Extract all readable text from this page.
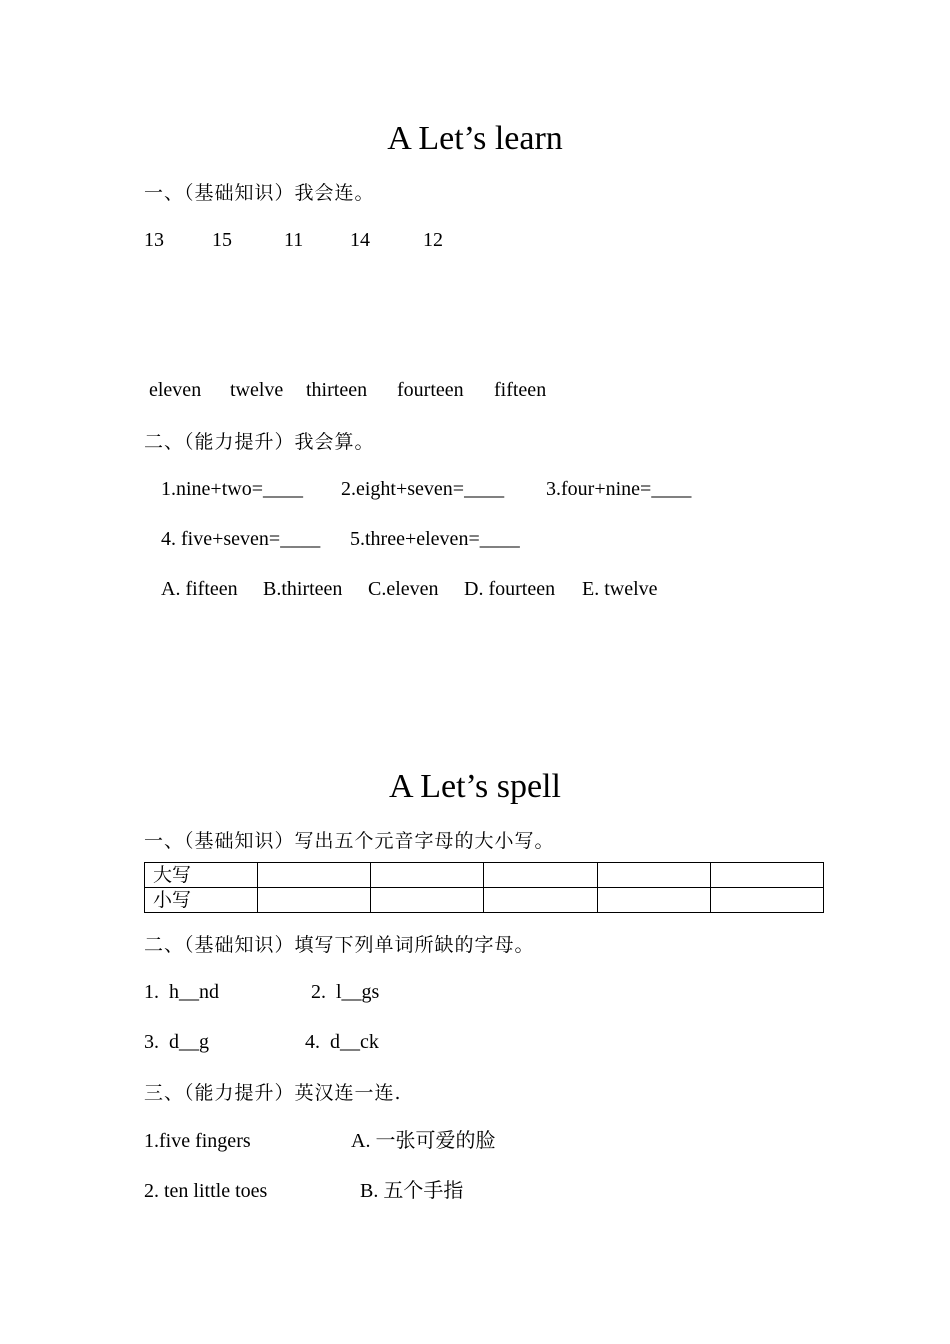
A Let’s learn
一、（基础知识）我会连。
13 15	11 14	12
eleven twelve thirteen fourteen fifteen
二、（能力提升）我会算。
1.nine+two=____ 2.eight+seven=____ 3.four+nine=____
4. five+seven=____ 5.three+eleven=____
A. fifteen B.thirteen C.eleven D. fourteen E. twelve
A Let’s spell
一、（基础知识）写出五个元音字母的大小写。
大写					
小写					
二、（基础知识）填写下列单词所缺的字母。
1.  h__nd	2.  l__gs
3.  d__g	4.  d__ck
三、（能力提升）英汉连一连.
1.five fingers	A. 一张可爱的脸
2. ten little toes	B. 五个手指
